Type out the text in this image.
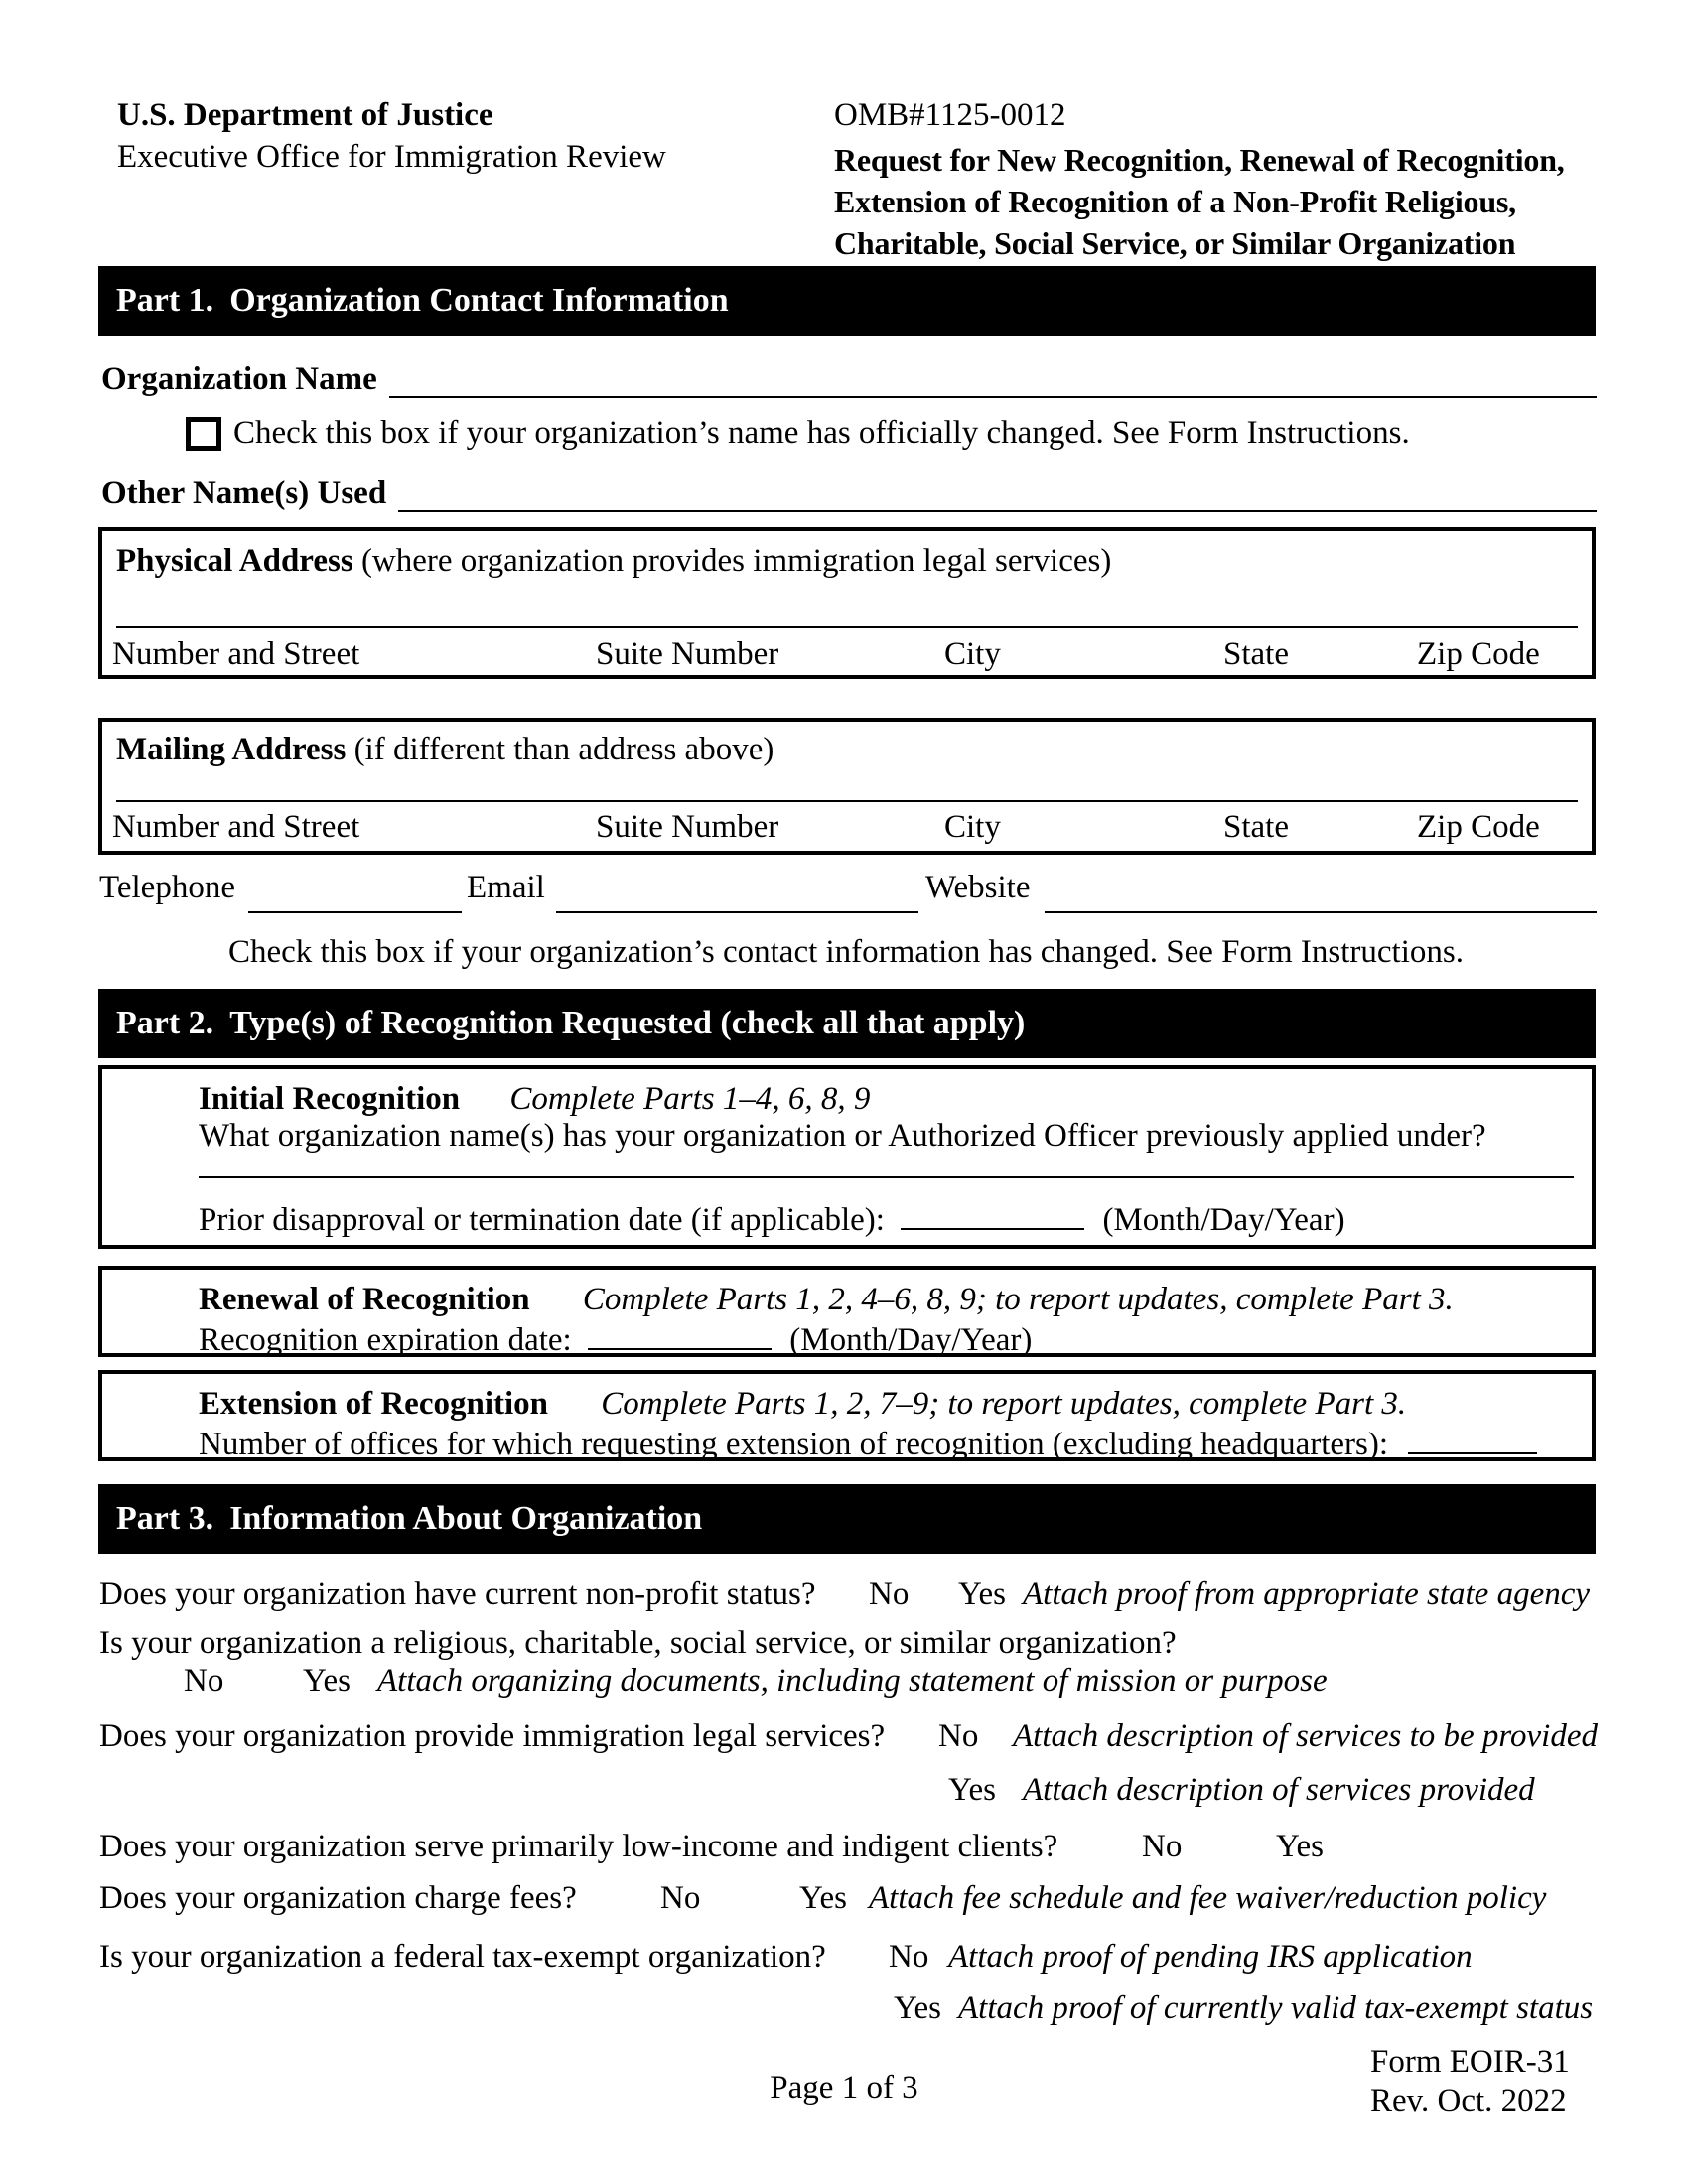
U.S. Department of Justice
Executive Office for Immigration Review
OMB#1125-0012
Request for New Recognition, Renewal of Recognition,
Extension of Recognition of a Non-Profit Religious,
Charitable, Social Service, or Similar Organization
Part 1. Organization Contact Information
Organization Name
Check this box if your organization’s name has officially changed. See Form Instructions.
Other Name(s) Used
Physical Address (where organization provides immigration legal services)
Number and Street	Suite Number	City	State	Zip Code
Mailing Address (if different than address above)
Number and Street	Suite Number	City	State	Zip Code
Telephone	Email	Website
Check this box if your organization’s contact information has changed. See Form Instructions.
Part 2. Type(s) of Recognition Requested (check all that apply)
Initial Recognition Complete Parts 1–4, 6, 8, 9
What organization name(s) has your organization or Authorized Officer previously applied under?
Prior disapproval or termination date (if applicable):	(Month/Day/Year)
Renewal of Recognition Complete Parts 1, 2, 4–6, 8, 9; to report updates, complete Part 3.
Recognition expiration date:	(Month/Day/Year)
Extension of Recognition Complete Parts 1, 2, 7–9; to report updates, complete Part 3.
Number of offices for which requesting extension of recognition (excluding headquarters):
Part 3. Information About Organization
Does your organization have current non-profit status? No Yes Attach proof from appropriate state agency
Is your organization a religious, charitable, social service, or similar organization?
No Yes Attach organizing documents, including statement of mission or purpose
Does your organization provide immigration legal services? No Attach description of services to be provided
Yes Attach description of services provided
Does your organization serve primarily low-income and indigent clients?	No	Yes
Does your organization charge fees?	No	Yes Attach fee schedule and fee waiver/reduction policy
Is your organization a federal tax-exempt organization? No Attach proof of pending IRS application
Yes Attach proof of currently valid tax-exempt status
Page 1 of 3
Form EOIR-31
Rev. Oct. 2022
